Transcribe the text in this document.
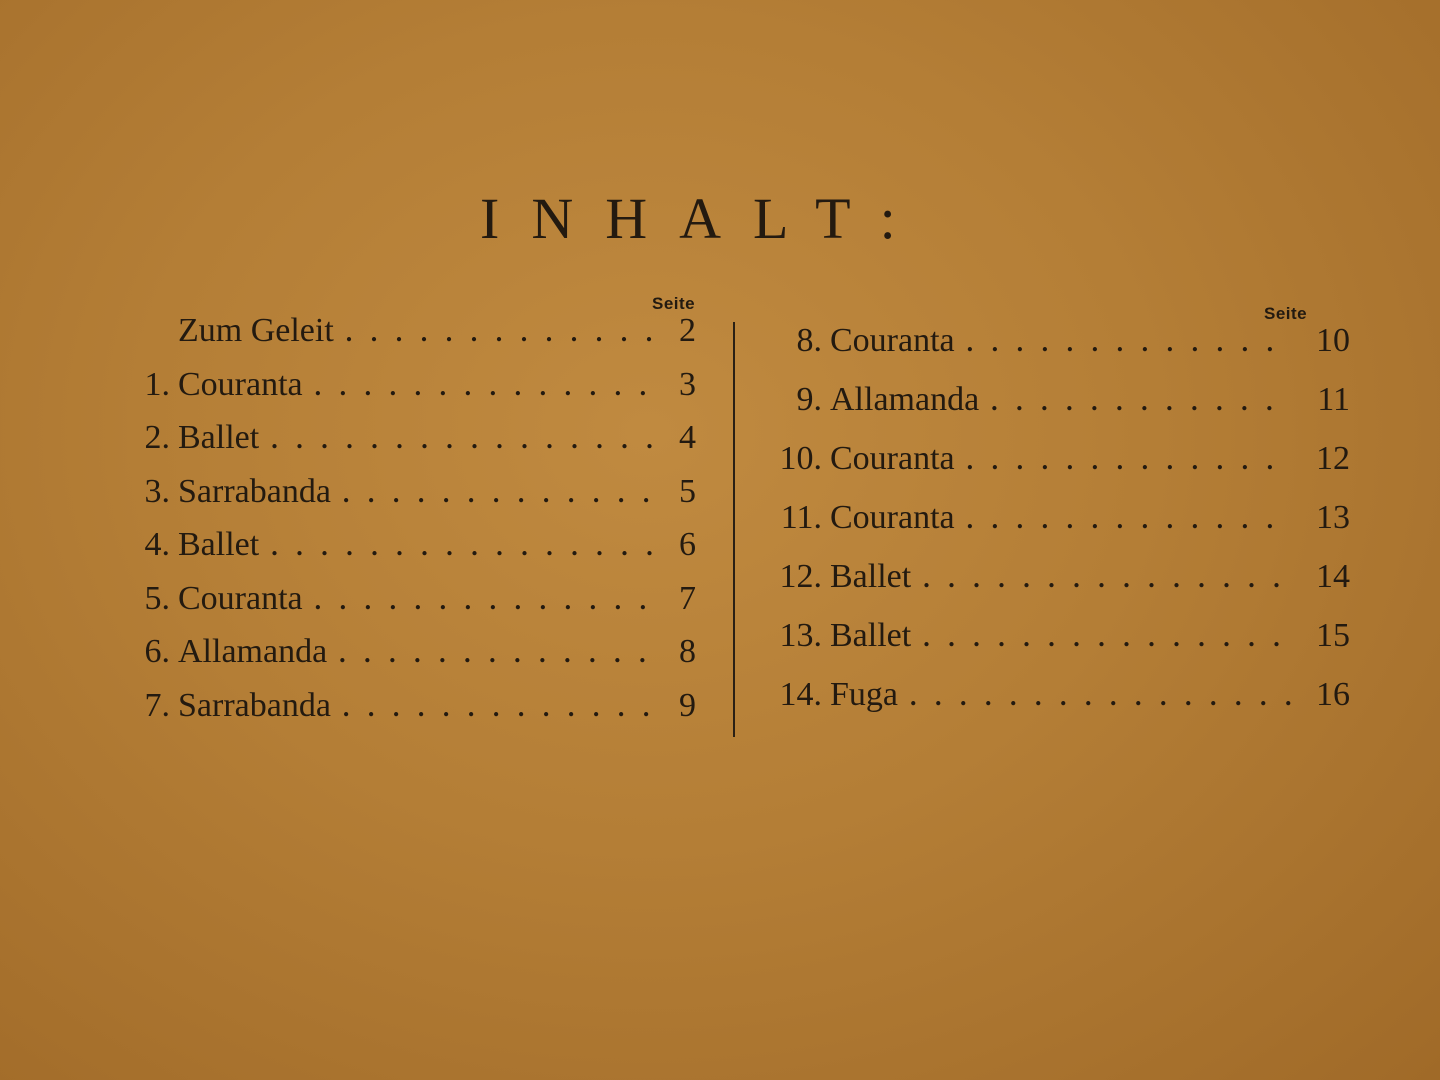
INHALT:
Seite
Seite
Zum Geleit . . .	2
1. Couranta . . .	3
2. Ballet . . .	4
3. Sarrabanda . . .	5
4. Ballet . . .	6
5. Couranta . . .	7
6. Allamanda . . .	8
7. Sarrabanda . . .	9
8. Couranta . . .	10
9. Allamanda . . .	11
10. Couranta . . .	12
11. Couranta . . .	13
12. Ballet . . .	14
13. Ballet . . .	15
14. Fuga . . .	16
